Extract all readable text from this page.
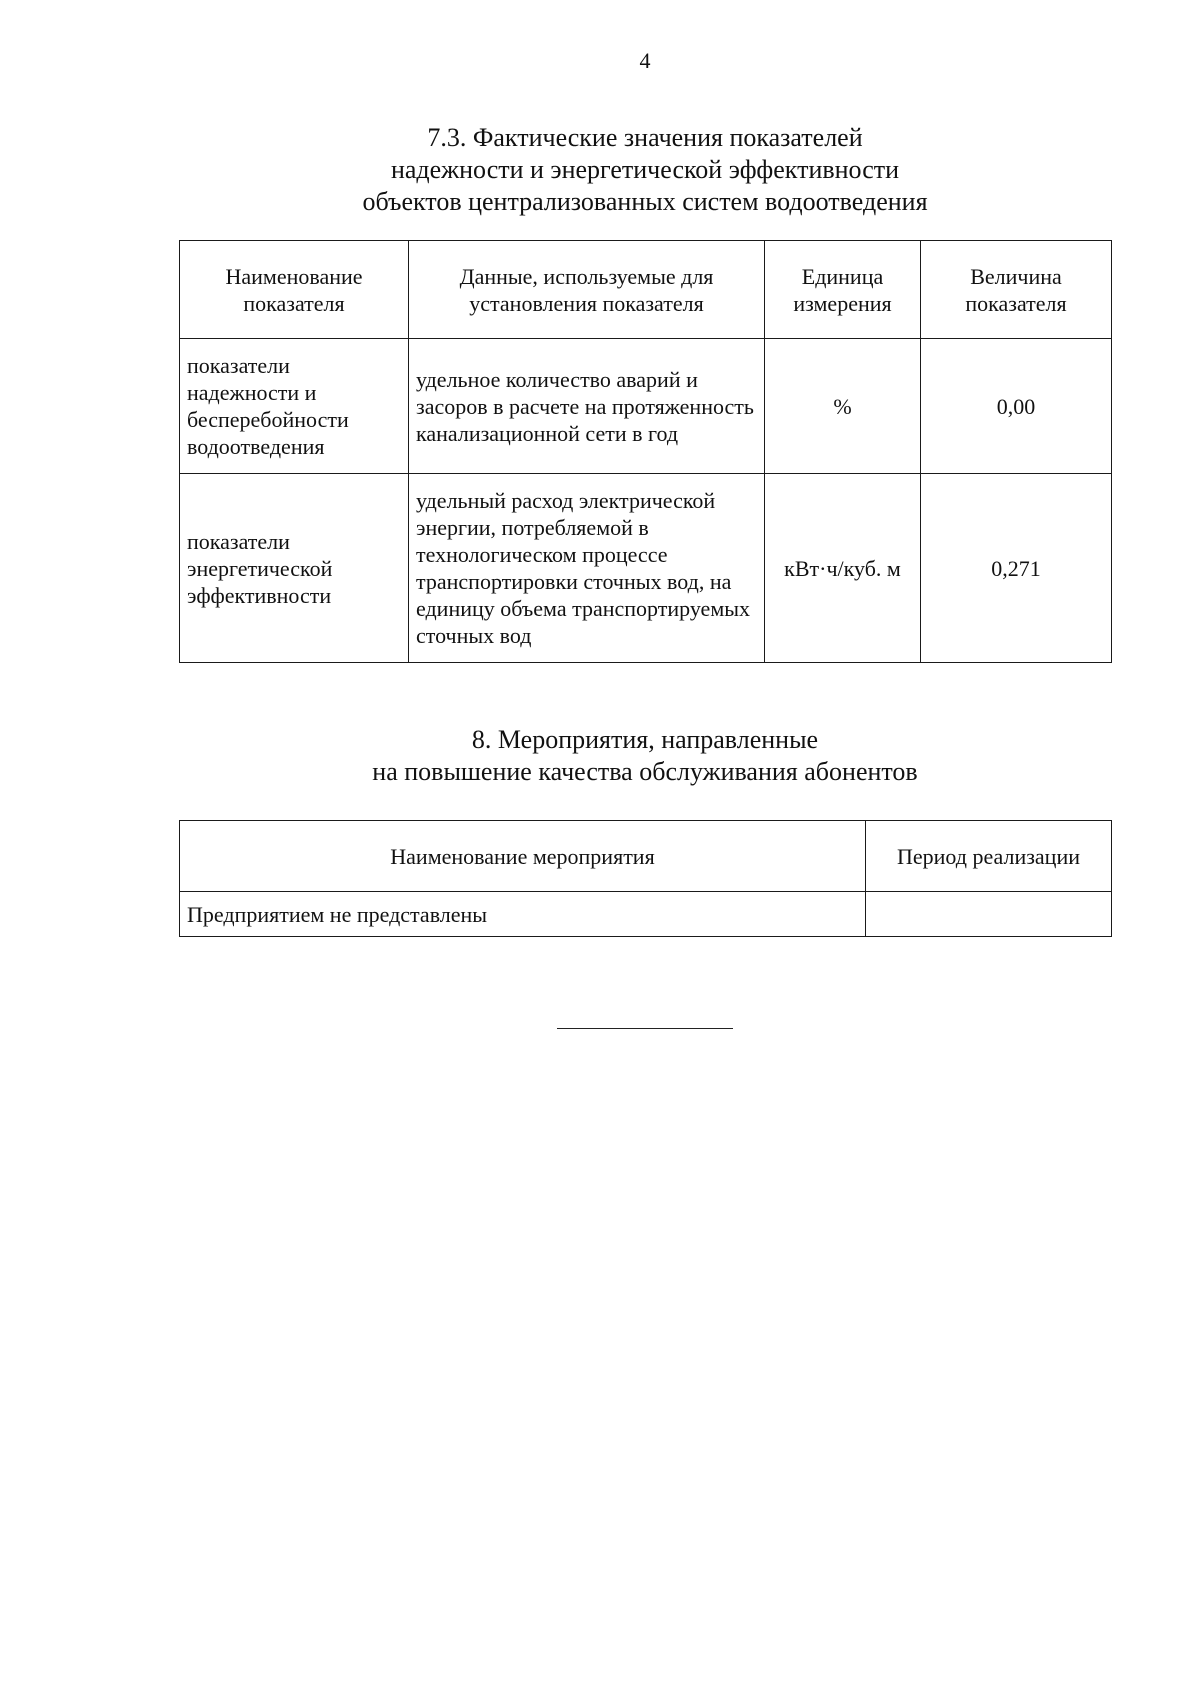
4
7.3. Фактические значения показателей
надежности и энергетической эффективности
объектов централизованных систем водоотведения
Наименование показателя	Данные, используемые для установления показателя	Единица измерения	Величина показателя
показатели надежности и бесперебойности водоотведения	удельное количество аварий и засоров в расчете на протяженность канализационной сети в год	%	0,00
показатели энергетической эффективности	удельный расход электрической энергии, потребляемой в технологическом процессе транспортировки сточных вод, на единицу объема транспортируемых сточных вод	кВт·ч/куб. м	0,271
8. Мероприятия, направленные
на повышение качества обслуживания абонентов
Наименование мероприятия	Период реализации
Предприятием не представлены	
